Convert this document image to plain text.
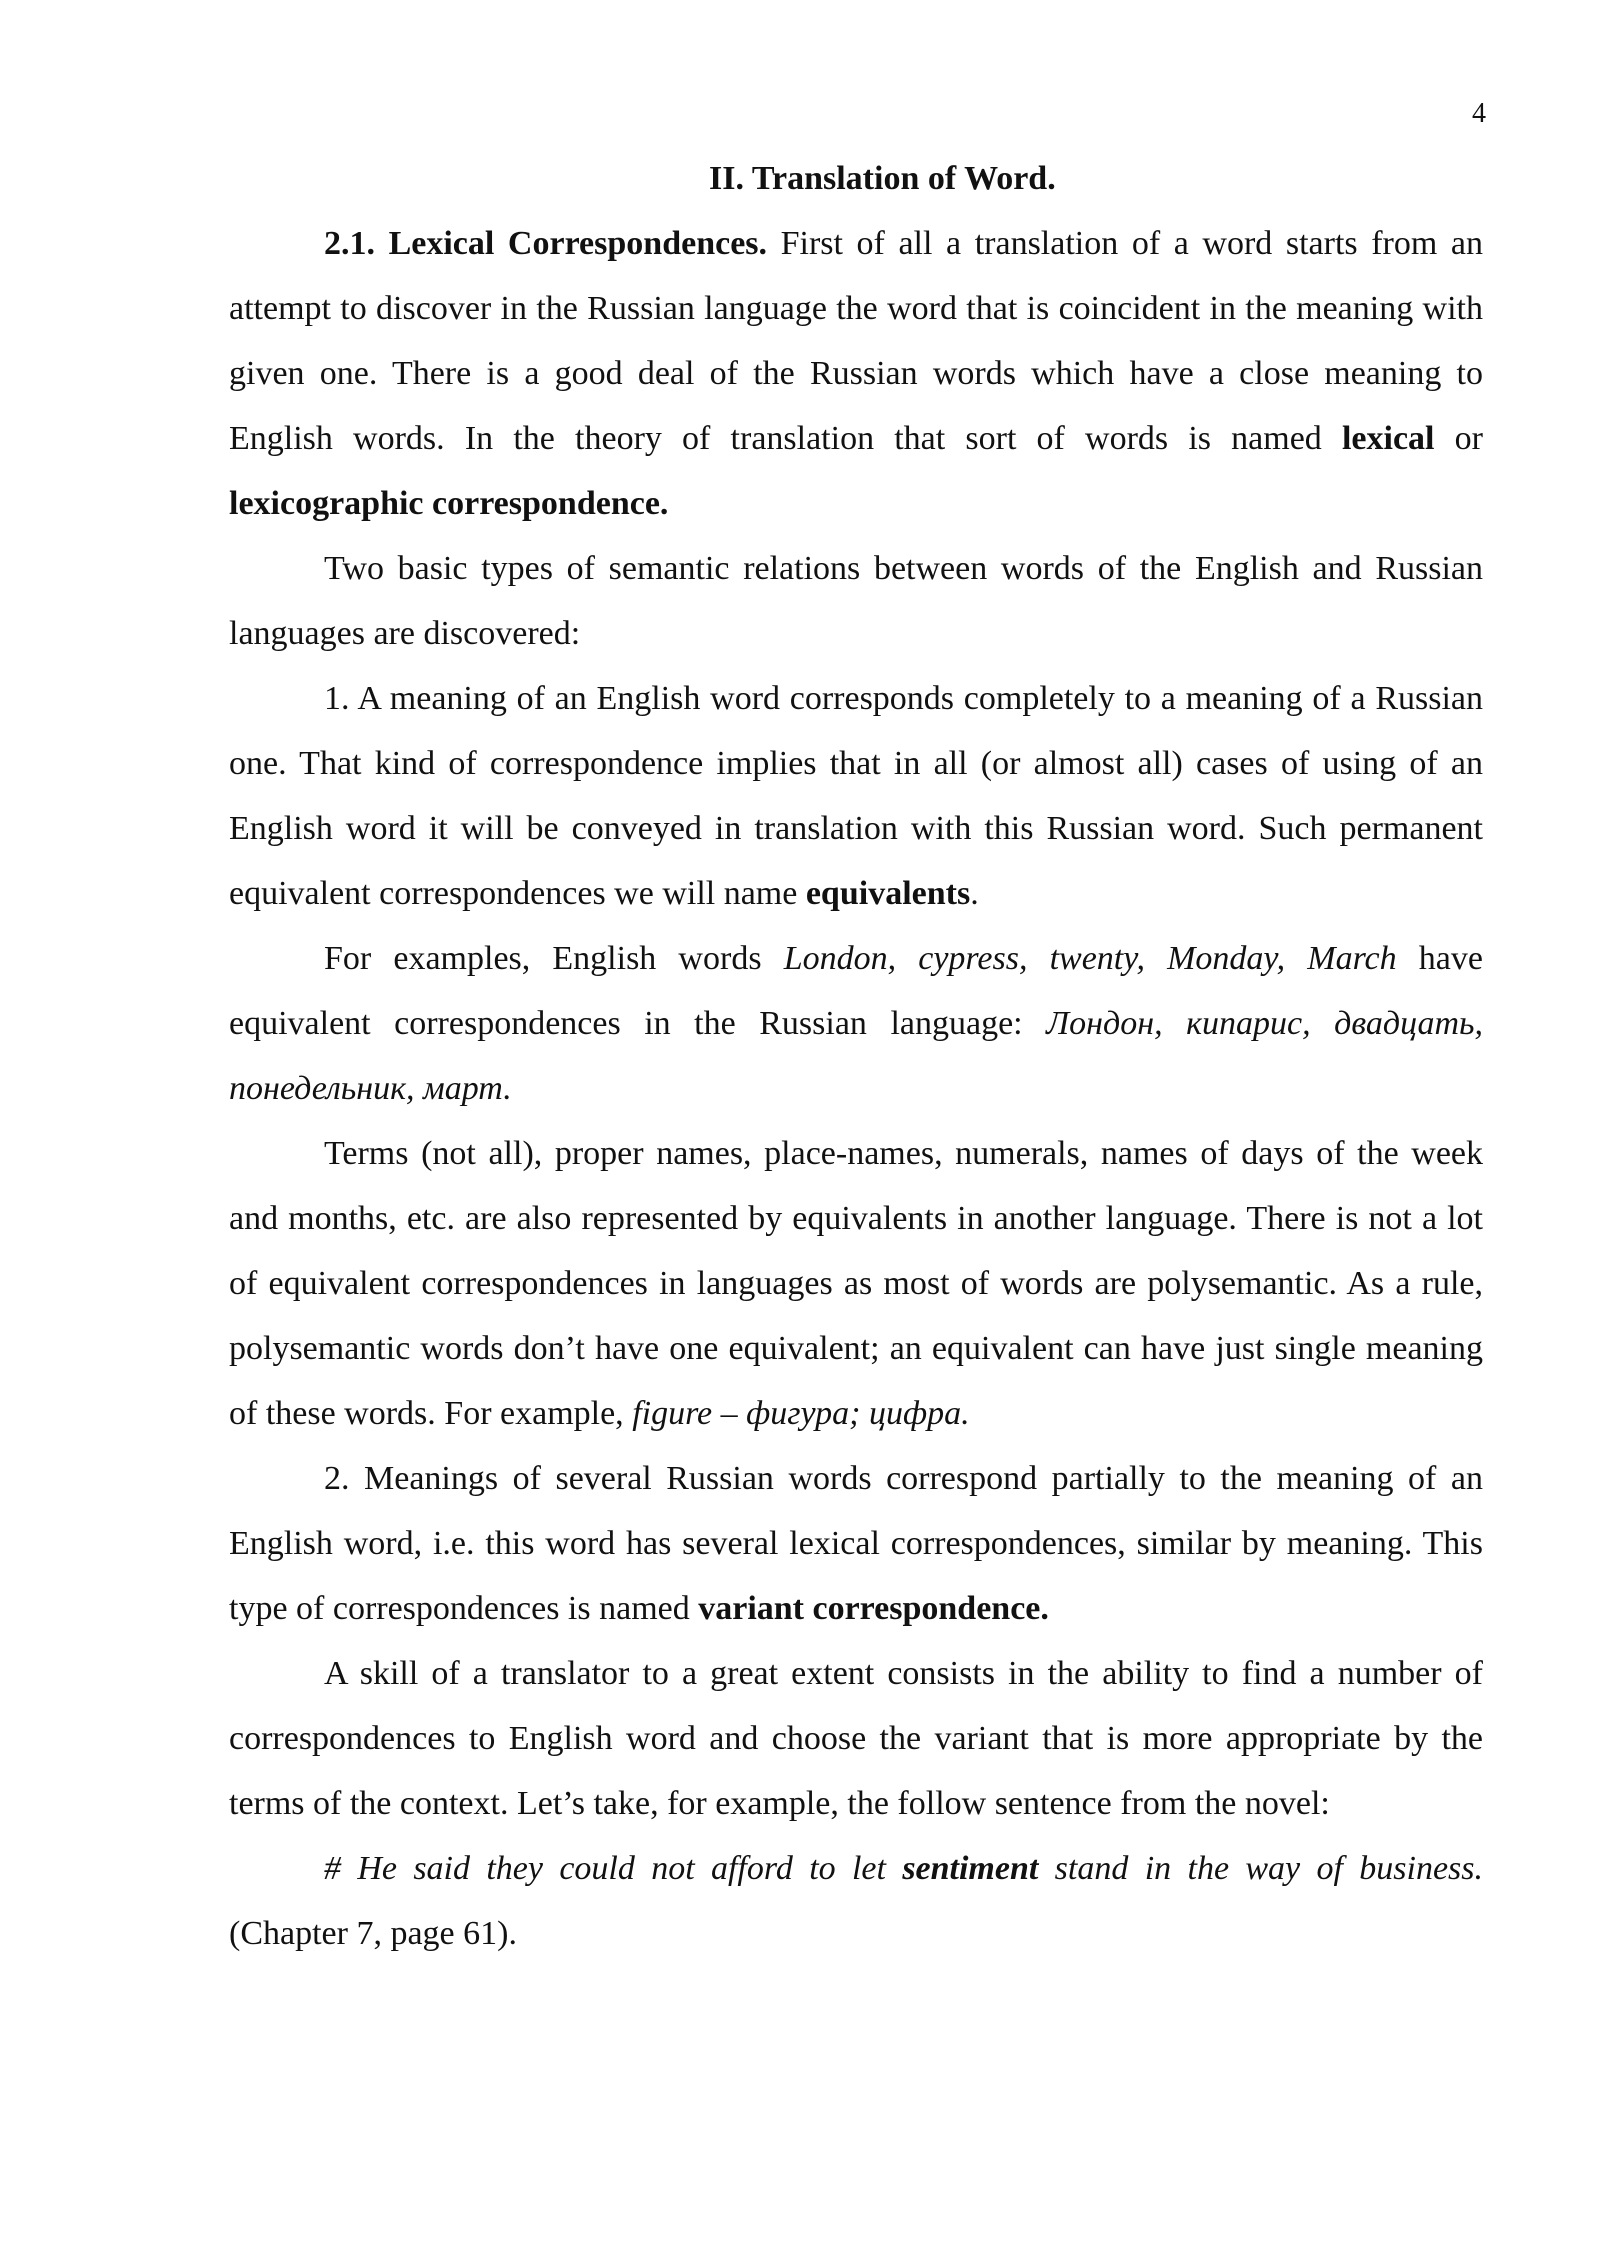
4
II. Translation of Word.

2.1. Lexical Correspondences. First of all a translation of a word starts from an attempt to discover in the Russian language the word that is coincident in the meaning with given one. There is a good deal of the Russian words which have a close meaning to English words. In the theory of translation that sort of words is named lexical or lexicographic correspondence.

Two basic types of semantic relations between words of the English and Russian languages are discovered:

1. A meaning of an English word corresponds completely to a meaning of a Russian one. That kind of correspondence implies that in all (or almost all) cases of using of an English word it will be conveyed in translation with this Russian word. Such permanent equivalent correspondences we will name equivalents.

For examples, English words London, cypress, twenty, Monday, March have equivalent correspondences in the Russian language: Лондон, кипарис, двадцать, понедельник, март.

Terms (not all), proper names, place-names, numerals, names of days of the week and months, etc. are also represented by equivalents in another language. There is not a lot of equivalent correspondences in languages as most of words are polysemantic. As a rule, polysemantic words don’t have one equivalent; an equivalent can have just single meaning of these words. For example, figure – фигура; цифра.

2. Meanings of several Russian words correspond partially to the meaning of an English word, i.e. this word has several lexical correspondences, similar by meaning. This type of correspondences is named variant correspondence.

A skill of a translator to a great extent consists in the ability to find a number of correspondences to English word and choose the variant that is more appropriate by the terms of the context. Let’s take, for example, the follow sentence from the novel:

# He said they could not afford to let sentiment stand in the way of business. (Chapter 7, page 61).
